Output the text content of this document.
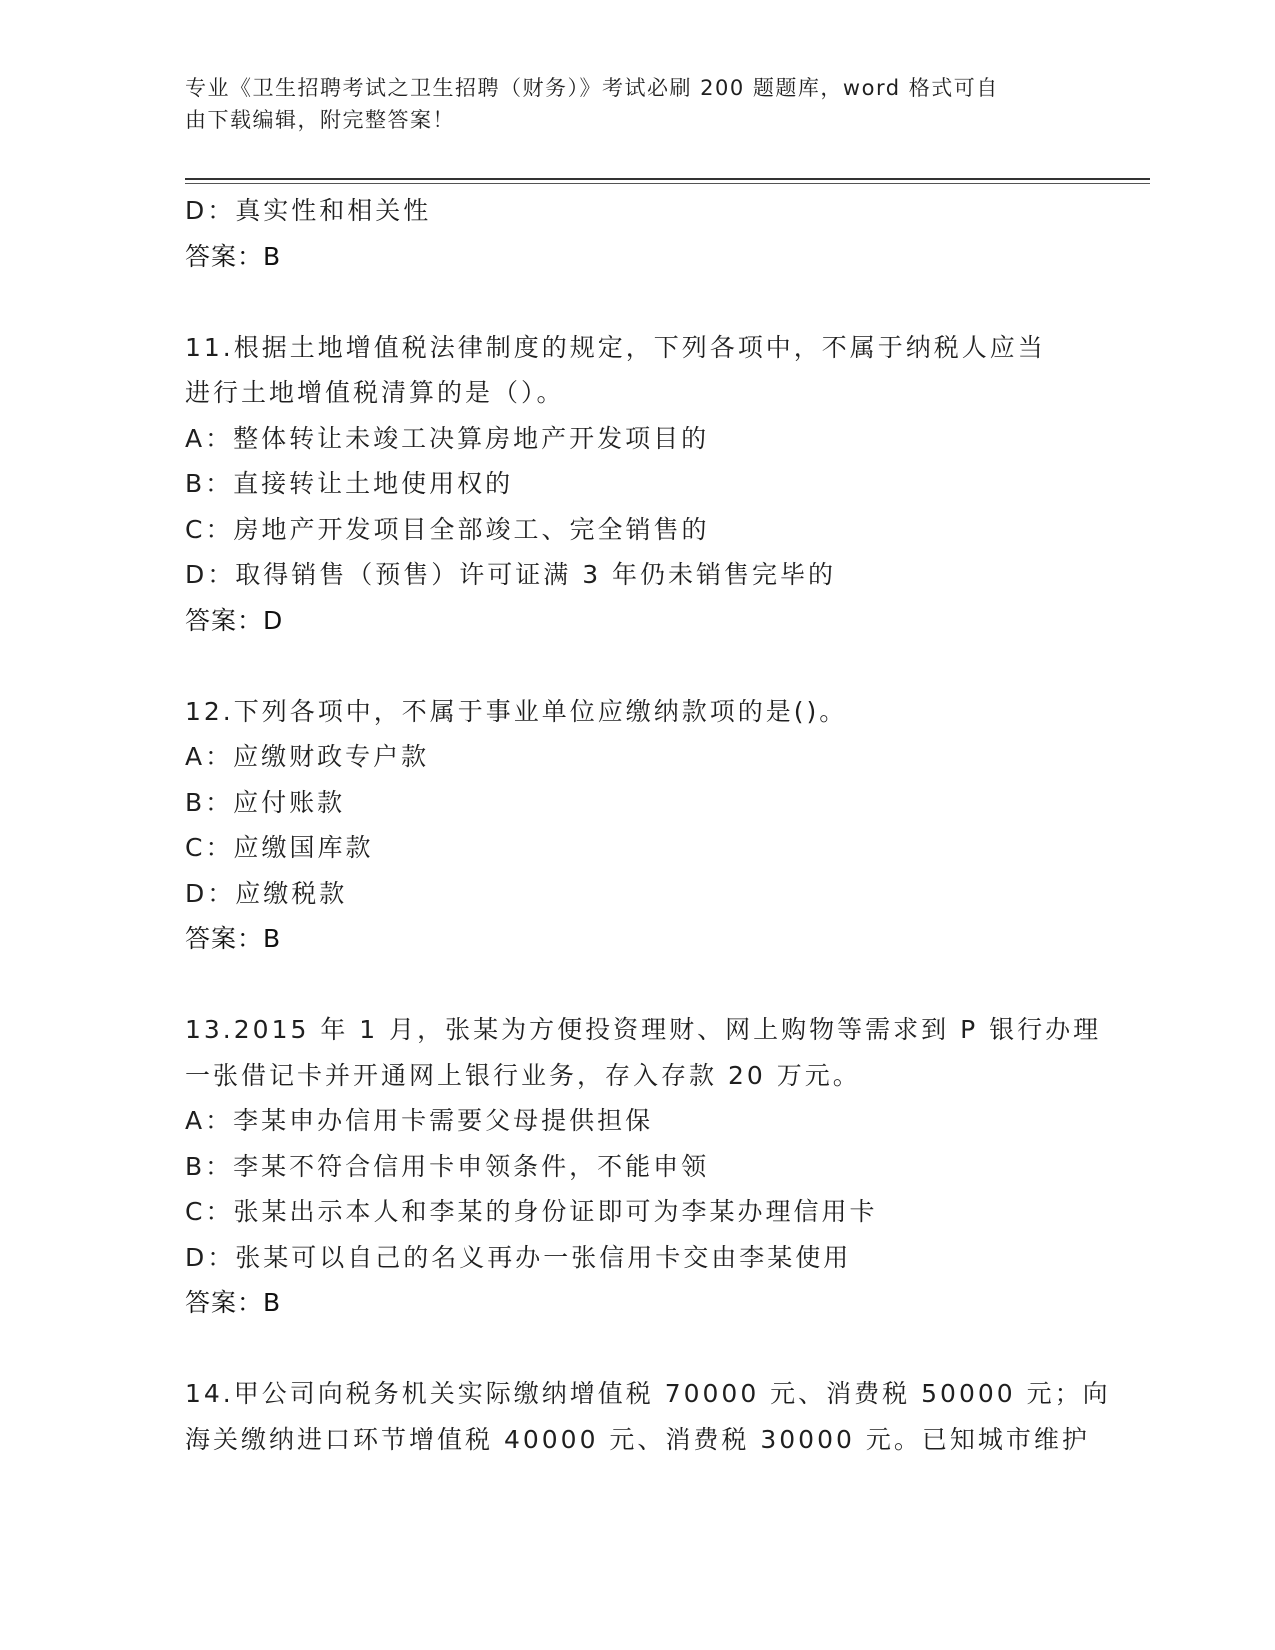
专业《卫生招聘考试之卫生招聘（财务）》考试必刷 200 题题库，word 格式可自
由下载编辑，附完整答案！
D：真实性和相关性
答案：B
11.根据土地增值税法律制度的规定，下列各项中，不属于纳税人应当
进行土地增值税清算的是（）。
A：整体转让未竣工决算房地产开发项目的
B：直接转让土地使用权的
C：房地产开发项目全部竣工、完全销售的
D：取得销售（预售）许可证满 3 年仍未销售完毕的
答案：D
12.下列各项中，不属于事业单位应缴纳款项的是()。
A：应缴财政专户款
B：应付账款
C：应缴国库款
D：应缴税款
答案：B
13.2015 年 1 月，张某为方便投资理财、网上购物等需求到 P 银行办理
一张借记卡并开通网上银行业务，存入存款 20 万元。
A：李某申办信用卡需要父母提供担保
B：李某不符合信用卡申领条件，不能申领
C：张某出示本人和李某的身份证即可为李某办理信用卡
D：张某可以自己的名义再办一张信用卡交由李某使用
答案：B
14.甲公司向税务机关实际缴纳增值税 70000 元、消费税 50000 元；向
海关缴纳进口环节增值税 40000 元、消费税 30000 元。已知城市维护
